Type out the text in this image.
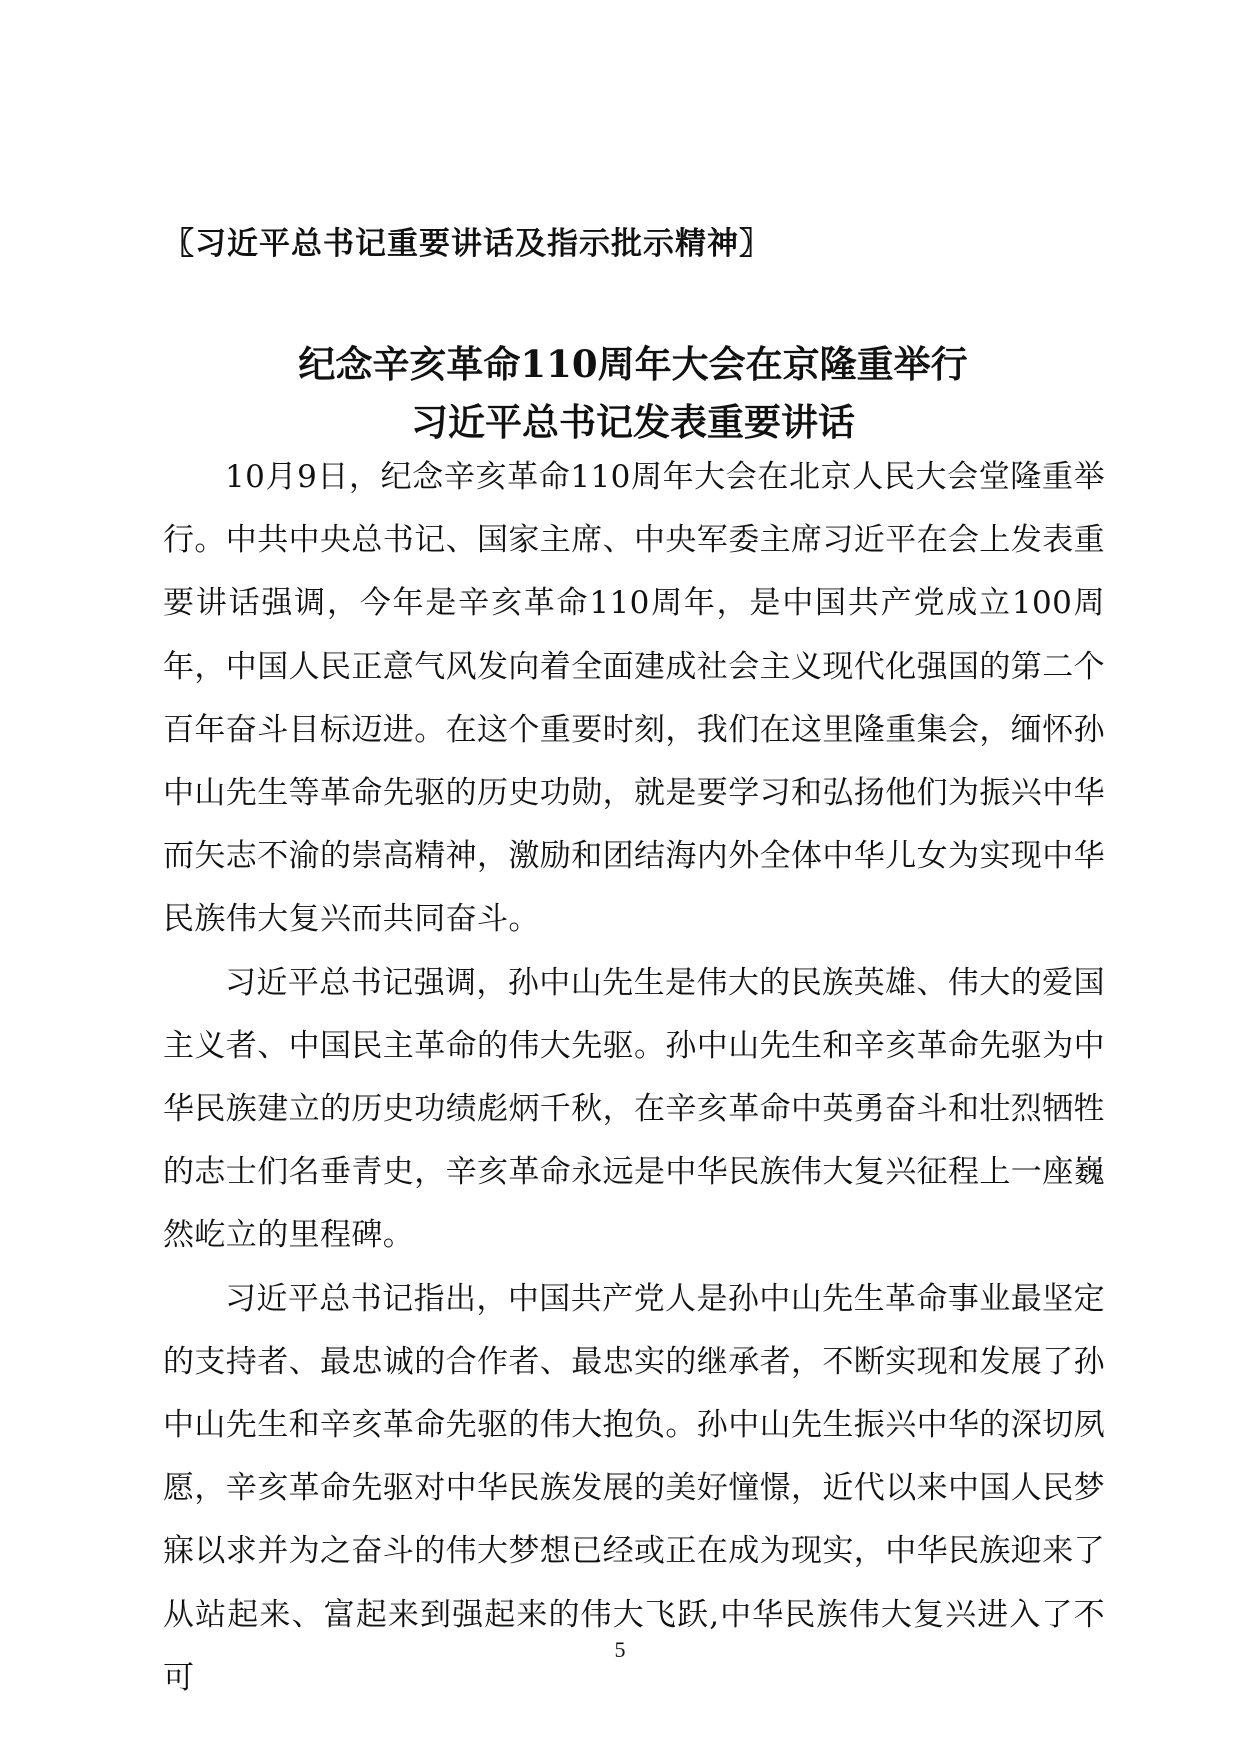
〖习近平总书记重要讲话及指示批示精神〗
纪念辛亥革命110周年大会在京隆重举行
习近平总书记发表重要讲话

10月9日，纪念辛亥革命110周年大会在北京人民大会堂隆重举行。中共中央总书记、国家主席、中央军委主席习近平在会上发表重要讲话强调，今年是辛亥革命110周年，是中国共产党成立100周年，中国人民正意气风发向着全面建成社会主义现代化强国的第二个百年奋斗目标迈进。在这个重要时刻，我们在这里隆重集会，缅怀孙中山先生等革命先驱的历史功勋，就是要学习和弘扬他们为振兴中华而矢志不渝的崇高精神，激励和团结海内外全体中华儿女为实现中华民族伟大复兴而共同奋斗。

习近平总书记强调，孙中山先生是伟大的民族英雄、伟大的爱国主义者、中国民主革命的伟大先驱。孙中山先生和辛亥革命先驱为中华民族建立的历史功绩彪炳千秋，在辛亥革命中英勇奋斗和壮烈牺牲的志士们名垂青史，辛亥革命永远是中华民族伟大复兴征程上一座巍然屹立的里程碑。

习近平总书记指出，中国共产党人是孙中山先生革命事业最坚定的支持者、最忠诚的合作者、最忠实的继承者，不断实现和发展了孙中山先生和辛亥革命先驱的伟大抱负。孙中山先生振兴中华的深切夙愿，辛亥革命先驱对中华民族发展的美好憧憬，近代以来中国人民梦寐以求并为之奋斗的伟大梦想已经或正在成为现实，中华民族迎来了从站起来、富起来到强起来的伟大飞跃,中华民族伟大复兴进入了不可

5
